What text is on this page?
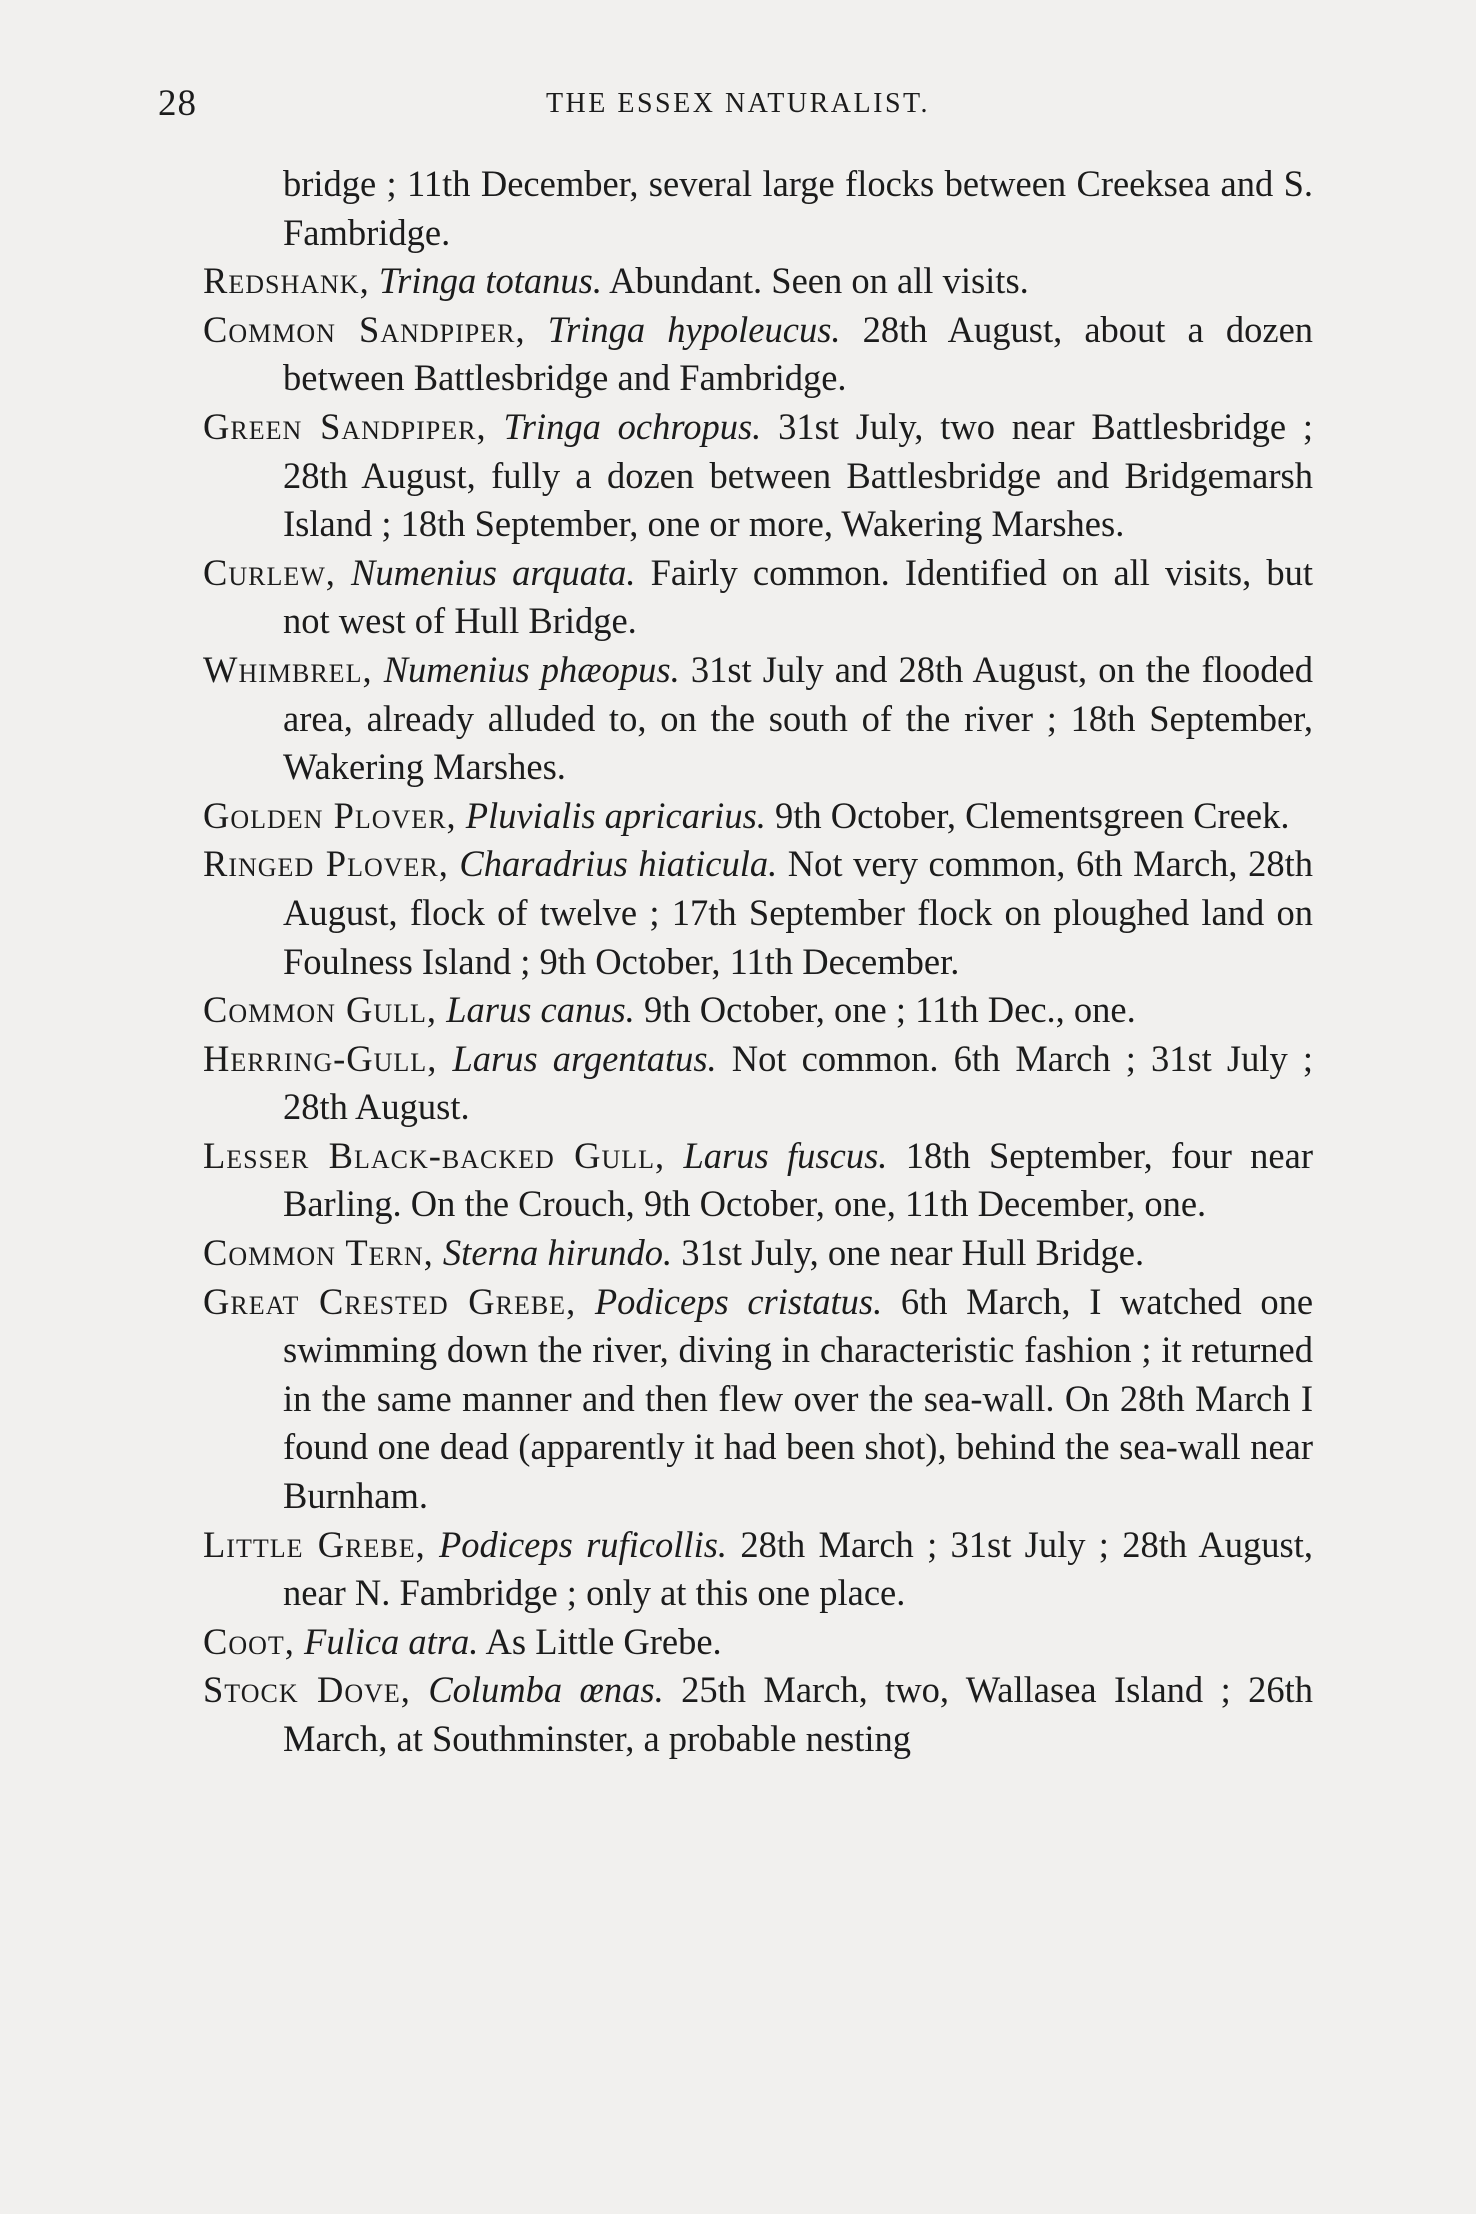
28	THE ESSEX NATURALIST.

bridge ; 11th December, several large flocks between Creeksea and S. Fambridge.

Redshank, Tringa totanus. Abundant. Seen on all visits.

Common Sandpiper, Tringa hypoleucus. 28th August, about a dozen between Battlesbridge and Fambridge.

Green Sandpiper, Tringa ochropus. 31st July, two near Battlesbridge ; 28th August, fully a dozen between Battlesbridge and Bridgemarsh Island ; 18th September, one or more, Wakering Marshes.

Curlew, Numenius arquata. Fairly common. Identified on all visits, but not west of Hull Bridge.

Whimbrel, Numenius phæopus. 31st July and 28th August, on the flooded area, already alluded to, on the south of the river ; 18th September, Wakering Marshes.

Golden Plover, Pluvialis apricarius. 9th October, Clementsgreen Creek.

Ringed Plover, Charadrius hiaticula. Not very common, 6th March, 28th August, flock of twelve ; 17th September flock on ploughed land on Foulness Island ; 9th October, 11th December.

Common Gull, Larus canus. 9th October, one ; 11th Dec., one.

Herring-Gull, Larus argentatus. Not common. 6th March ; 31st July ; 28th August.

Lesser Black-backed Gull, Larus fuscus. 18th September, four near Barling. On the Crouch, 9th October, one, 11th December, one.

Common Tern, Sterna hirundo. 31st July, one near Hull Bridge.

Great Crested Grebe, Podiceps cristatus. 6th March, I watched one swimming down the river, diving in characteristic fashion ; it returned in the same manner and then flew over the sea-wall. On 28th March I found one dead (apparently it had been shot), behind the sea-wall near Burnham.

Little Grebe, Podiceps ruficollis. 28th March ; 31st July ; 28th August, near N. Fambridge ; only at this one place.

Coot, Fulica atra. As Little Grebe.

Stock Dove, Columba œnas. 25th March, two, Wallasea Island ; 26th March, at Southminster, a probable nesting
